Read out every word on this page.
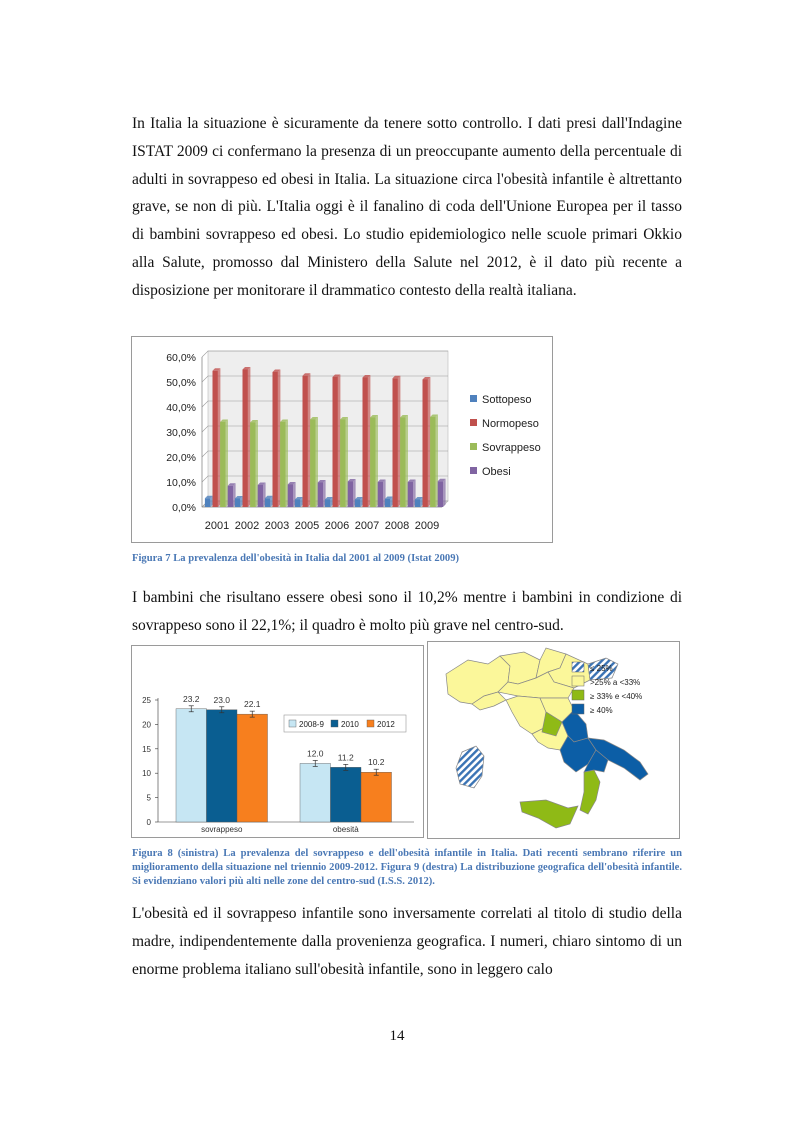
In Italia la situazione è sicuramente da tenere sotto controllo. I dati presi dall'Indagine ISTAT 2009 ci confermano la presenza di un preoccupante aumento della percentuale di adulti in sovrappeso ed obesi in Italia. La situazione circa l'obesità infantile è altrettanto grave, se non di più. L'Italia oggi è il fanalino di coda dell'Unione Europea per il tasso di bambini sovrappeso ed obesi. Lo studio epidemiologico nelle scuole primari Okkio alla Salute, promosso dal Ministero della Salute nel 2012, è il dato più recente a disposizione per monitorare il drammatico contesto della realtà italiana.

0,0%
10,0%
20,0%
30,0%
40,0%
50,0%
60,0%
2001 2002 2003 2005 2006 2007 2008 2009
Sottopeso
Normopeso
Sovrappeso
Obesi

Figura 7 La prevalenza dell'obesità in Italia dal 2001 al 2009 (Istat 2009)

I bambini che risultano essere obesi sono il 10,2% mentre i bambini in condizione di sovrappeso sono il 22,1%; il quadro è molto più grave nel centro-sud.

0
5
10
15
20
25	23.2 23.0 22.1
sovrappeso
12.0 11.2 10.2
obesità
2008-9 2010 2012
≤ 25%
>25% a <33%
≥ 33% e <40%
≥ 40%

Figura 8 (sinistra) La prevalenza del sovrappeso e dell'obesità infantile in Italia. Dati recenti sembrano riferire un miglioramento della situazione nel triennio 2009-2012. Figura 9 (destra) La distribuzione geografica dell'obesità infantile. Si evidenziano valori più alti nelle zone del centro-sud (I.S.S. 2012).

L'obesità ed il sovrappeso infantile sono inversamente correlati al titolo di studio della madre, indipendentemente dalla provenienza geografica. I numeri, chiaro sintomo di un enorme problema italiano sull'obesità infantile, sono in leggero calo

14
